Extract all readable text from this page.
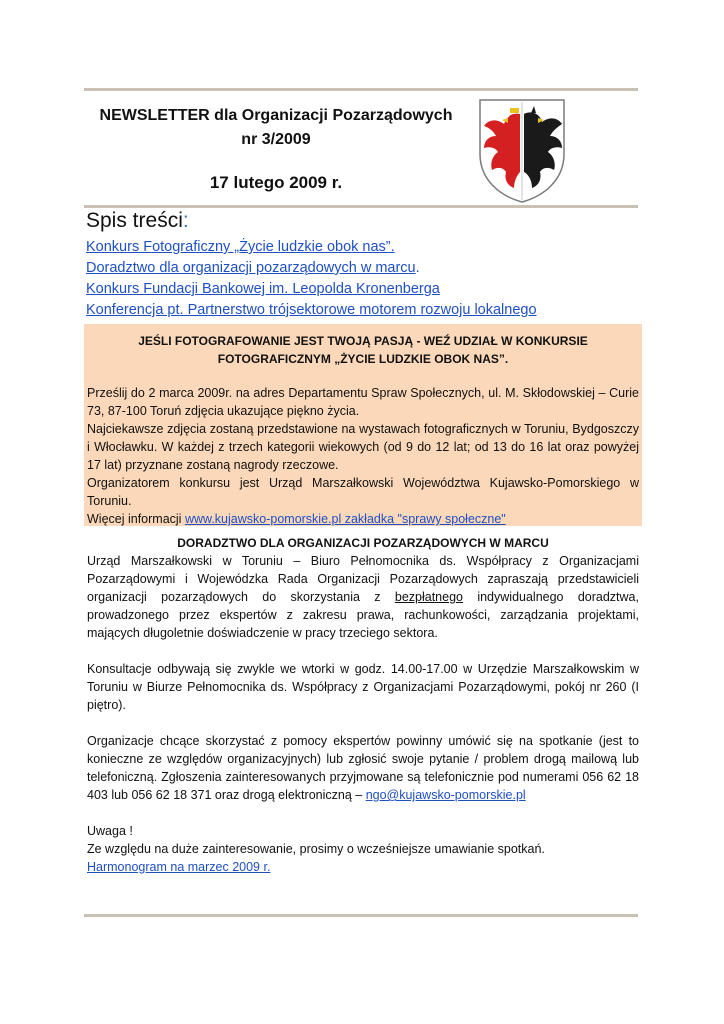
NEWSLETTER dla Organizacji Pozarządowych
nr 3/2009
17 lutego 2009 r.
Spis treści:
Konkurs Fotograficzny „Życie ludzkie obok nas”.
Doradztwo dla organizacji pozarządowych w marcu.
Konkurs Fundacji Bankowej im. Leopolda Kronenberga
Konferencja pt. Partnerstwo trójsektorowe motorem rozwoju lokalnego
JEŚLI FOTOGRAFOWANIE JEST TWOJĄ PASJĄ - WEŹ UDZIAŁ W KONKURSIE
FOTOGRAFICZNYM „ŻYCIE LUDZKIE OBOK NAS”.

Prześlij do 2 marca 2009r. na adres Departamentu Spraw Społecznych, ul. M. Skłodowskiej – Curie 73, 87-100 Toruń zdjęcia ukazujące piękno życia.

Najciekawsze zdjęcia zostaną przedstawione na wystawach fotograficznych w Toruniu, Bydgoszczy i Włocławku. W każdej z trzech kategorii wiekowych (od 9 do 12 lat; od 13 do 16 lat oraz powyżej 17 lat) przyznane zostaną nagrody rzeczowe.

Organizatorem konkursu jest Urząd Marszałkowski Województwa Kujawsko-Pomorskiego w Toruniu.

Więcej informacji www.kujawsko-pomorskie.pl zakładka "sprawy społeczne"

DORADZTWO DLA ORGANIZACJI POZARZĄDOWYCH W MARCU

Urząd Marszałkowski w Toruniu – Biuro Pełnomocnika ds. Współpracy z Organizacjami Pozarządowymi i Wojewódzka Rada Organizacji Pozarządowych zapraszają przedstawicieli organizacji pozarządowych do skorzystania z bezpłatnego indywidualnego doradztwa, prowadzonego przez ekspertów z zakresu prawa, rachunkowości, zarządzania projektami, mających długoletnie doświadczenie w pracy trzeciego sektora.

Konsultacje odbywają się zwykle we wtorki w godz. 14.00-17.00 w Urzędzie Marszałkowskim w Toruniu w Biurze Pełnomocnika ds. Współpracy z Organizacjami Pozarządowymi, pokój nr 260 (I piętro).

Organizacje chcące skorzystać z pomocy ekspertów powinny umówić się na spotkanie (jest to konieczne ze względów organizacyjnych) lub zgłosić swoje pytanie / problem drogą mailową lub telefoniczną. Zgłoszenia zainteresowanych przyjmowane są telefonicznie pod numerami 056 62 18 403 lub 056 62 18 371 oraz drogą elektroniczną – ngo@kujawsko-pomorskie.pl

Uwaga !

Ze względu na duże zainteresowanie, prosimy o wcześniejsze umawianie spotkań.

Harmonogram na marzec 2009 r.
